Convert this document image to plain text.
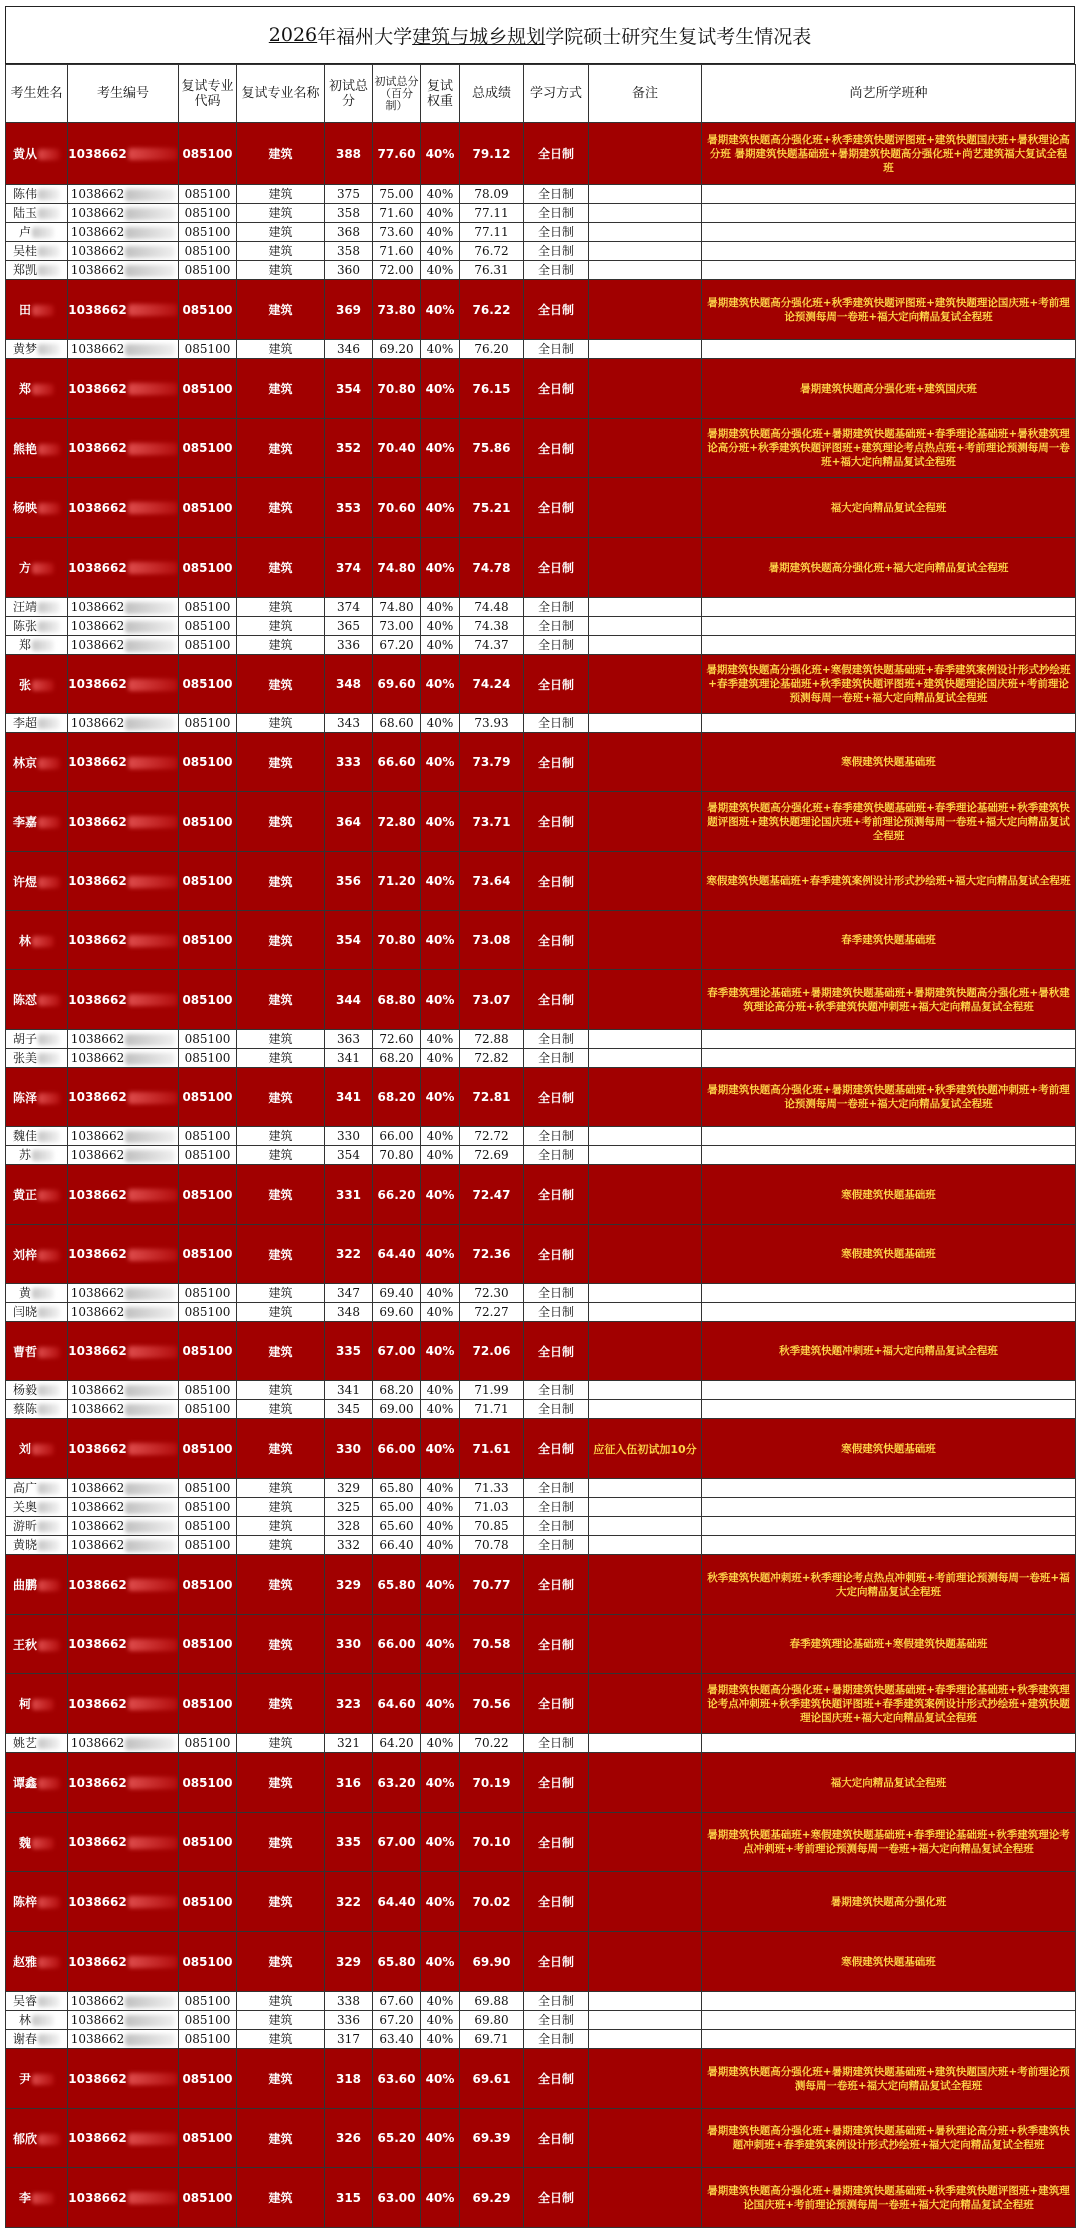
2026 年福州大学 建筑与城乡规划 学院硕士研究生复试考生情况表
考生姓名	考生编号	复试专业代码	复试专业名称	初试总分	初试总分（百分制）	复试权重	总成绩	学习方式	备注	尚艺所学班种
黄从	1038662	085100	建筑	388	77.60	40%	79.12	全日制		暑期建筑快题高分强化班+秋季建筑快题评图班+建筑快题国庆班+暑秋理论高分班 暑期建筑快题基础班+暑期建筑快题高分强化班+尚艺建筑福大复试全程班
陈伟	1038662	085100	建筑	375	75.00	40%	78.09	全日制		
陆玉	1038662	085100	建筑	358	71.60	40%	77.11	全日制		
卢	1038662	085100	建筑	368	73.60	40%	77.11	全日制		
吴桂	1038662	085100	建筑	358	71.60	40%	76.72	全日制		
郑凯	1038662	085100	建筑	360	72.00	40%	76.31	全日制		
田	1038662	085100	建筑	369	73.80	40%	76.22	全日制		暑期建筑快题高分强化班+秋季建筑快题评图班+建筑快题理论国庆班+考前理论预测每周一卷班+福大定向精品复试全程班
黄梦	1038662	085100	建筑	346	69.20	40%	76.20	全日制		
郑	1038662	085100	建筑	354	70.80	40%	76.15	全日制		暑期建筑快题高分强化班+建筑国庆班
熊艳	1038662	085100	建筑	352	70.40	40%	75.86	全日制		暑期建筑快题高分强化班+暑期建筑快题基础班+春季理论基础班+暑秋建筑理论高分班+秋季建筑快题评图班+建筑理论考点热点班+考前理论预测每周一卷班+福大定向精品复试全程班
杨映	1038662	085100	建筑	353	70.60	40%	75.21	全日制		福大定向精品复试全程班
方	1038662	085100	建筑	374	74.80	40%	74.78	全日制		暑期建筑快题高分强化班+福大定向精品复试全程班
汪靖	1038662	085100	建筑	374	74.80	40%	74.48	全日制		
陈张	1038662	085100	建筑	365	73.00	40%	74.38	全日制		
郑	1038662	085100	建筑	336	67.20	40%	74.37	全日制		
张	1038662	085100	建筑	348	69.60	40%	74.24	全日制		暑期建筑快题高分强化班+寒假建筑快题基础班+春季建筑案例设计形式抄绘班+春季建筑理论基础班+秋季建筑快题评图班+建筑快题理论国庆班+考前理论预测每周一卷班+福大定向精品复试全程班
李超	1038662	085100	建筑	343	68.60	40%	73.93	全日制		
林京	1038662	085100	建筑	333	66.60	40%	73.79	全日制		寒假建筑快题基础班
李嘉	1038662	085100	建筑	364	72.80	40%	73.71	全日制		暑期建筑快题高分强化班+春季建筑快题基础班+春季理论基础班+秋季建筑快题评图班+建筑快题理论国庆班+考前理论预测每周一卷班+福大定向精品复试全程班
许煜	1038662	085100	建筑	356	71.20	40%	73.64	全日制		寒假建筑快题基础班+春季建筑案例设计形式抄绘班+福大定向精品复试全程班
林	1038662	085100	建筑	354	70.80	40%	73.08	全日制		春季建筑快题基础班
陈怼	1038662	085100	建筑	344	68.80	40%	73.07	全日制		春季建筑理论基础班+暑期建筑快题基础班+暑期建筑快题高分强化班+暑秋建筑理论高分班+秋季建筑快题冲刺班+福大定向精品复试全程班
胡子	1038662	085100	建筑	363	72.60	40%	72.88	全日制		
张美	1038662	085100	建筑	341	68.20	40%	72.82	全日制		
陈泽	1038662	085100	建筑	341	68.20	40%	72.81	全日制		暑期建筑快题高分强化班+暑期建筑快题基础班+秋季建筑快题冲刺班+考前理论预测每周一卷班+福大定向精品复试全程班
魏佳	1038662	085100	建筑	330	66.00	40%	72.72	全日制		
苏	1038662	085100	建筑	354	70.80	40%	72.69	全日制		
黄正	1038662	085100	建筑	331	66.20	40%	72.47	全日制		寒假建筑快题基础班
刘梓	1038662	085100	建筑	322	64.40	40%	72.36	全日制		寒假建筑快题基础班
黄	1038662	085100	建筑	347	69.40	40%	72.30	全日制		
闫晓	1038662	085100	建筑	348	69.60	40%	72.27	全日制		
曹哲	1038662	085100	建筑	335	67.00	40%	72.06	全日制		秋季建筑快题冲刺班+福大定向精品复试全程班
杨毅	1038662	085100	建筑	341	68.20	40%	71.99	全日制		
蔡陈	1038662	085100	建筑	345	69.00	40%	71.71	全日制		
刘	1038662	085100	建筑	330	66.00	40%	71.61	全日制	应征入伍初试加10分	寒假建筑快题基础班
高广	1038662	085100	建筑	329	65.80	40%	71.33	全日制		
关奥	1038662	085100	建筑	325	65.00	40%	71.03	全日制		
游昕	1038662	085100	建筑	328	65.60	40%	70.85	全日制		
黄晓	1038662	085100	建筑	332	66.40	40%	70.78	全日制		
曲鹏	1038662	085100	建筑	329	65.80	40%	70.77	全日制		秋季建筑快题冲刺班+秋季理论考点热点冲刺班+考前理论预测每周一卷班+福大定向精品复试全程班
王秋	1038662	085100	建筑	330	66.00	40%	70.58	全日制		春季建筑理论基础班+寒假建筑快题基础班
柯	1038662	085100	建筑	323	64.60	40%	70.56	全日制		暑期建筑快题高分强化班+暑期建筑快题基础班+春季理论基础班+秋季建筑理论考点冲刺班+秋季建筑快题评图班+春季建筑案例设计形式抄绘班+建筑快题理论国庆班+福大定向精品复试全程班
姚艺	1038662	085100	建筑	321	64.20	40%	70.22	全日制		
谭鑫	1038662	085100	建筑	316	63.20	40%	70.19	全日制		福大定向精品复试全程班
魏	1038662	085100	建筑	335	67.00	40%	70.10	全日制		暑期建筑快题基础班+寒假建筑快题基础班+春季理论基础班+秋季建筑理论考点冲刺班+考前理论预测每周一卷班+福大定向精品复试全程班
陈梓	1038662	085100	建筑	322	64.40	40%	70.02	全日制		暑期建筑快题高分强化班
赵雅	1038662	085100	建筑	329	65.80	40%	69.90	全日制		寒假建筑快题基础班
吴睿	1038662	085100	建筑	338	67.60	40%	69.88	全日制		
林	1038662	085100	建筑	336	67.20	40%	69.80	全日制		
谢春	1038662	085100	建筑	317	63.40	40%	69.71	全日制		
尹	1038662	085100	建筑	318	63.60	40%	69.61	全日制		暑期建筑快题高分强化班+暑期建筑快题基础班+建筑快题国庆班+考前理论预测每周一卷班+福大定向精品复试全程班
郁欣	1038662	085100	建筑	326	65.20	40%	69.39	全日制		暑期建筑快题高分强化班+暑期建筑快题基础班+暑秋理论高分班+秋季建筑快题冲刺班+春季建筑案例设计形式抄绘班+福大定向精品复试全程班
李	1038662	085100	建筑	315	63.00	40%	69.29	全日制		暑期建筑快题高分强化班+暑期建筑快题基础班+秋季建筑快题评图班+建筑理论国庆班+考前理论预测每周一卷班+福大定向精品复试全程班
